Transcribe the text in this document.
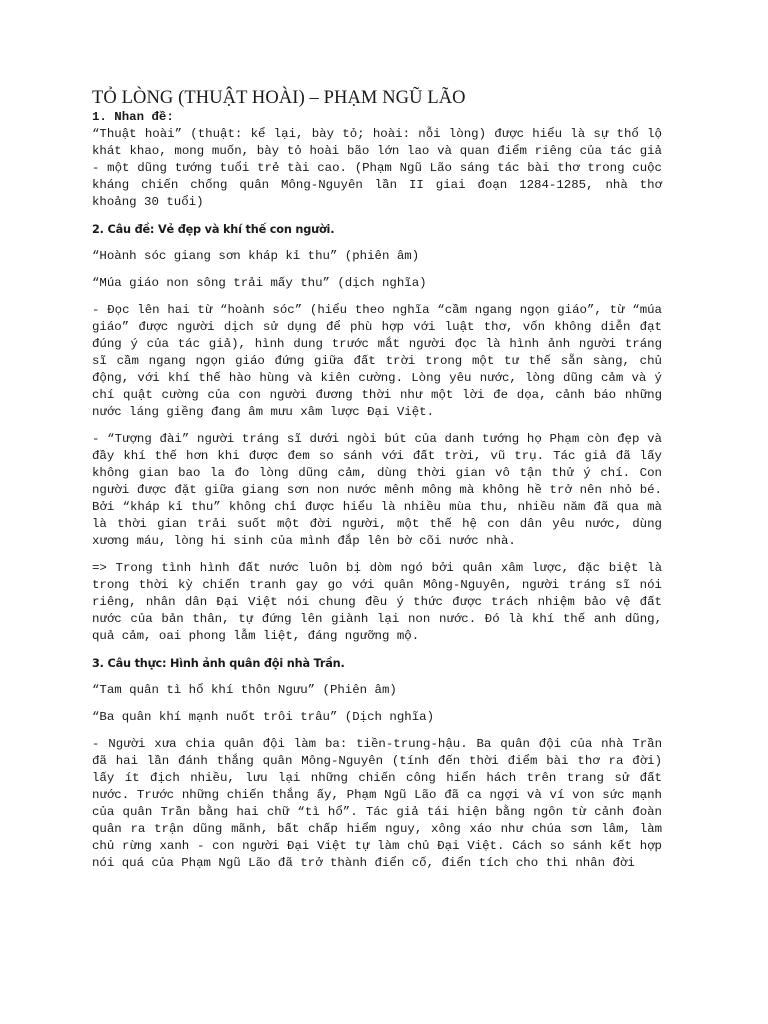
TỎ LÒNG (THUẬT HOÀI) – PHẠM NGŨ LÃO

1. Nhan đề:

“Thuật hoài” (thuật: kể lại, bày tỏ; hoài: nỗi lòng) được hiểu là sự thổ lộ khát khao, mong muốn, bày tỏ hoài bão lớn lao và quan điểm riêng của tác giả - một dũng tướng tuổi trẻ tài cao. (Phạm Ngũ Lão sáng tác bài thơ trong cuộc kháng chiến chống quân Mông-Nguyên lần II giai đoạn 1284-1285, nhà thơ khoảng 30 tuổi)

2. Câu đề: Vẻ đẹp và khí thế con người.

“Hoành sóc giang sơn kháp kỉ thu” (phiên âm)

“Múa giáo non sông trải mấy thu” (dịch nghĩa)

- Đọc lên hai từ “hoành sóc” (hiểu theo nghĩa “cầm ngang ngọn giáo”, từ “múa giáo” được người dịch sử dụng để phù hợp với luật thơ, vốn không diễn đạt đúng ý của tác giả), hình dung trước mắt người đọc là hình ảnh người tráng sĩ cầm ngang ngọn giáo đứng giữa đất trời trong một tư thế sẵn sàng, chủ động, với khí thế hào hùng và kiên cường. Lòng yêu nước, lòng dũng cảm và ý chí quật cường của con người đương thời như một lời đe dọa, cảnh báo những nước láng giềng đang âm mưu xâm lược Đại Việt.

- “Tượng đài” người tráng sĩ dưới ngòi bút của danh tướng họ Phạm còn đẹp và đầy khí thế hơn khi được đem so sánh với đất trời, vũ trụ. Tác giả đã lấy không gian bao la đo lòng dũng cảm, dùng thời gian vô tận thử ý chí. Con người được đặt giữa giang sơn non nước mênh mông mà không hề trở nên nhỏ bé. Bởi “kháp kỉ thu” không chỉ được hiểu là nhiều mùa thu, nhiều năm đã qua mà là thời gian trải suốt một đời người, một thế hệ con dân yêu nước, dùng xương máu, lòng hi sinh của mình đắp lên bờ cõi nước nhà.

=> Trong tình hình đất nước luôn bị dòm ngó bởi quân xâm lược, đặc biệt là trong thời kỳ chiến tranh gay go với quân Mông-Nguyên, người tráng sĩ nói riêng, nhân dân Đại Việt nói chung đều ý thức được trách nhiệm bảo vệ đất nước của bản thân, tự đứng lên giành lại non nước. Đó là khí thế anh dũng, quả cảm, oai phong lẫm liệt, đáng ngưỡng mộ.

3. Câu thực: Hình ảnh quân đội nhà Trần.

“Tam quân tì hổ khí thôn Ngưu” (Phiên âm)

“Ba quân khí mạnh nuốt trôi trâu” (Dịch nghĩa)

- Người xưa chia quân đội làm ba: tiền-trung-hậu. Ba quân đội của nhà Trần đã hai lần đánh thắng quân Mông-Nguyên (tính đến thời điểm bài thơ ra đời) lấy ít địch nhiều, lưu lại những chiến công hiển hách trên trang sử đất nước. Trước những chiến thắng ấy, Phạm Ngũ Lão đã ca ngợi và ví von sức mạnh của quân Trần bằng hai chữ “tì hổ”. Tác giả tái hiện bằng ngôn từ cảnh đoàn quân ra trận dũng mãnh, bất chấp hiểm nguy, xông xáo như chúa sơn lâm, làm chủ rừng xanh - con người Đại Việt tự làm chủ Đại Việt. Cách so sánh kết hợp nói quá của Phạm Ngũ Lão đã trở thành điển cố, điển tích cho thi nhân đời
